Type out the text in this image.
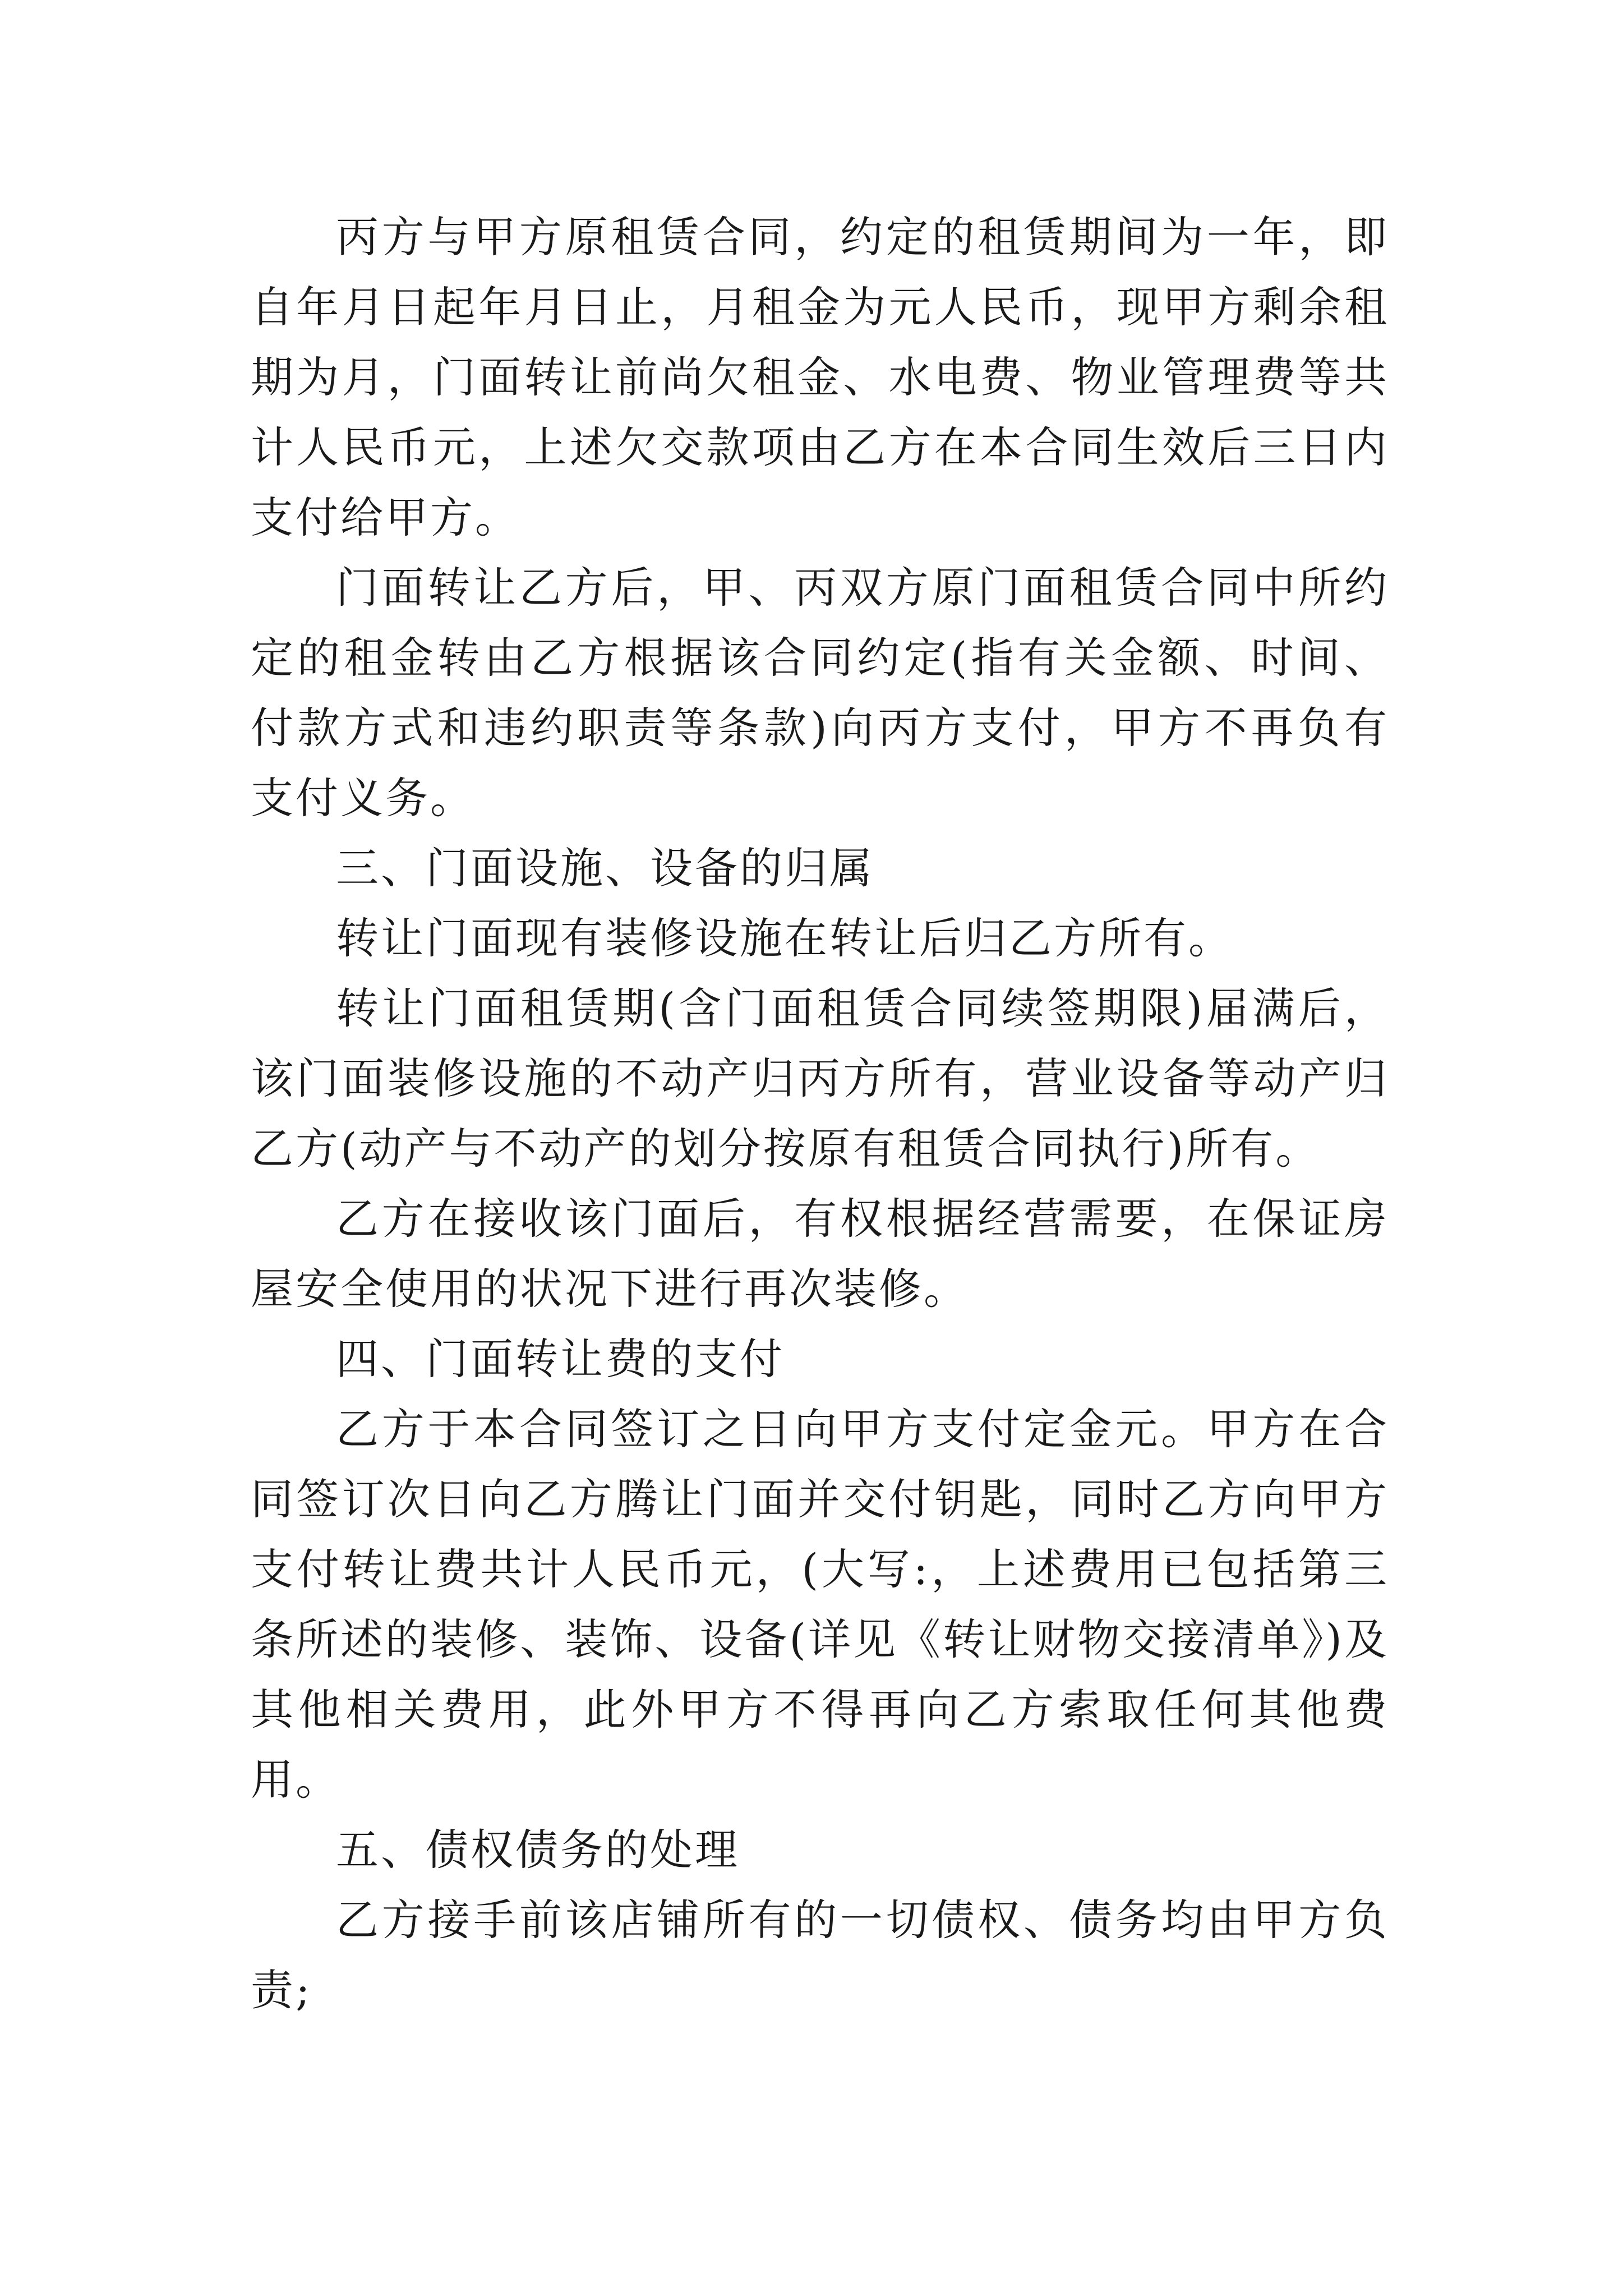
丙方与甲方原租赁合同，约定的租赁期间为一年，即自年月日起年月日止，月租金为元人民币，现甲方剩余租期为月，门面转让前尚欠租金、水电费、物业管理费等共计人民币元，上述欠交款项由乙方在本合同生效后三日内支付给甲方。

门面转让乙方后，甲、丙双方原门面租赁合同中所约定的租金转由乙方根据该合同约定(指有关金额、时间、付款方式和违约职责等条款)向丙方支付，甲方不再负有支付义务。

三、门面设施、设备的归属

转让门面现有装修设施在转让后归乙方所有。

转让门面租赁期(含门面租赁合同续签期限)届满后，该门面装修设施的不动产归丙方所有，营业设备等动产归乙方(动产与不动产的划分按原有租赁合同执行)所有。

乙方在接收该门面后，有权根据经营需要，在保证房屋安全使用的状况下进行再次装修。

四、门面转让费的支付

乙方于本合同签订之日向甲方支付定金元。甲方在合同签订次日向乙方腾让门面并交付钥匙，同时乙方向甲方支付转让费共计人民币元，(大写:，上述费用已包括第三条所述的装修、装饰、设备(详见《转让财物交接清单》)及其他相关费用，此外甲方不得再向乙方索取任何其他费用。

五、债权债务的处理

乙方接手前该店铺所有的一切债权、债务均由甲方负责;
